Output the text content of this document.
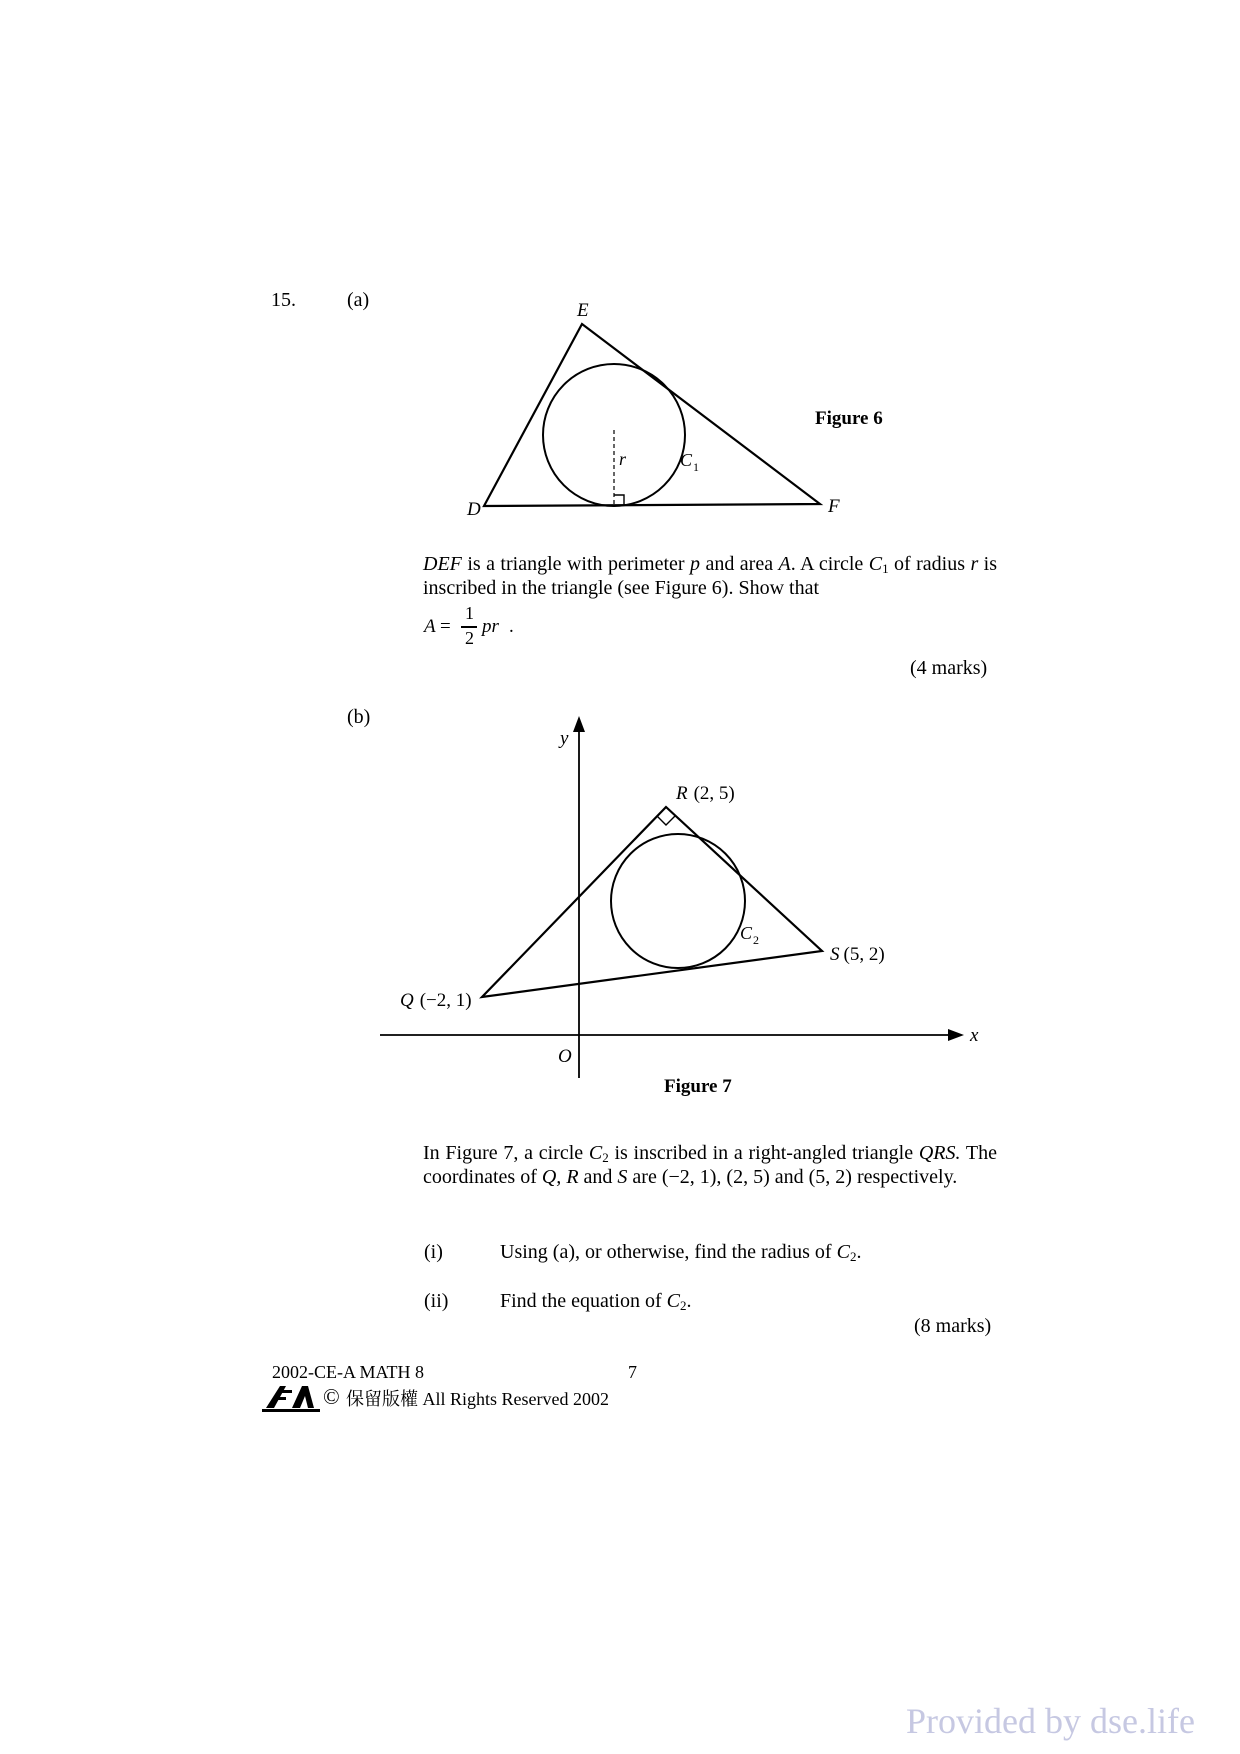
15.	(a)	E
D	F
r	C 1
Figure 6
DEF is a triangle with perimeter p and area A. A circle $C_1$ of radius r is inscribed in the triangle (see Figure 6). Show that
A =
1
2
pr .
(4 marks)
(b)
y
x
O
R (2, 5)
S (5, 2)
Q (−2, 1)
C 2
Figure 7
In Figure 7, a circle $C_2$ is inscribed in a right-angled triangle QRS. The coordinates of Q, R and S are (−2, 1), (2, 5) and (5, 2) respectively.
(i)	Using (a), or otherwise, find the radius of $C_2$.
(ii)	Find the equation of $C_2$.
(8 marks)
2002-CE-A MATH 8	7
HKEAA
© 保留版權 All Rights Reserved 2002
Provided by dse.life
